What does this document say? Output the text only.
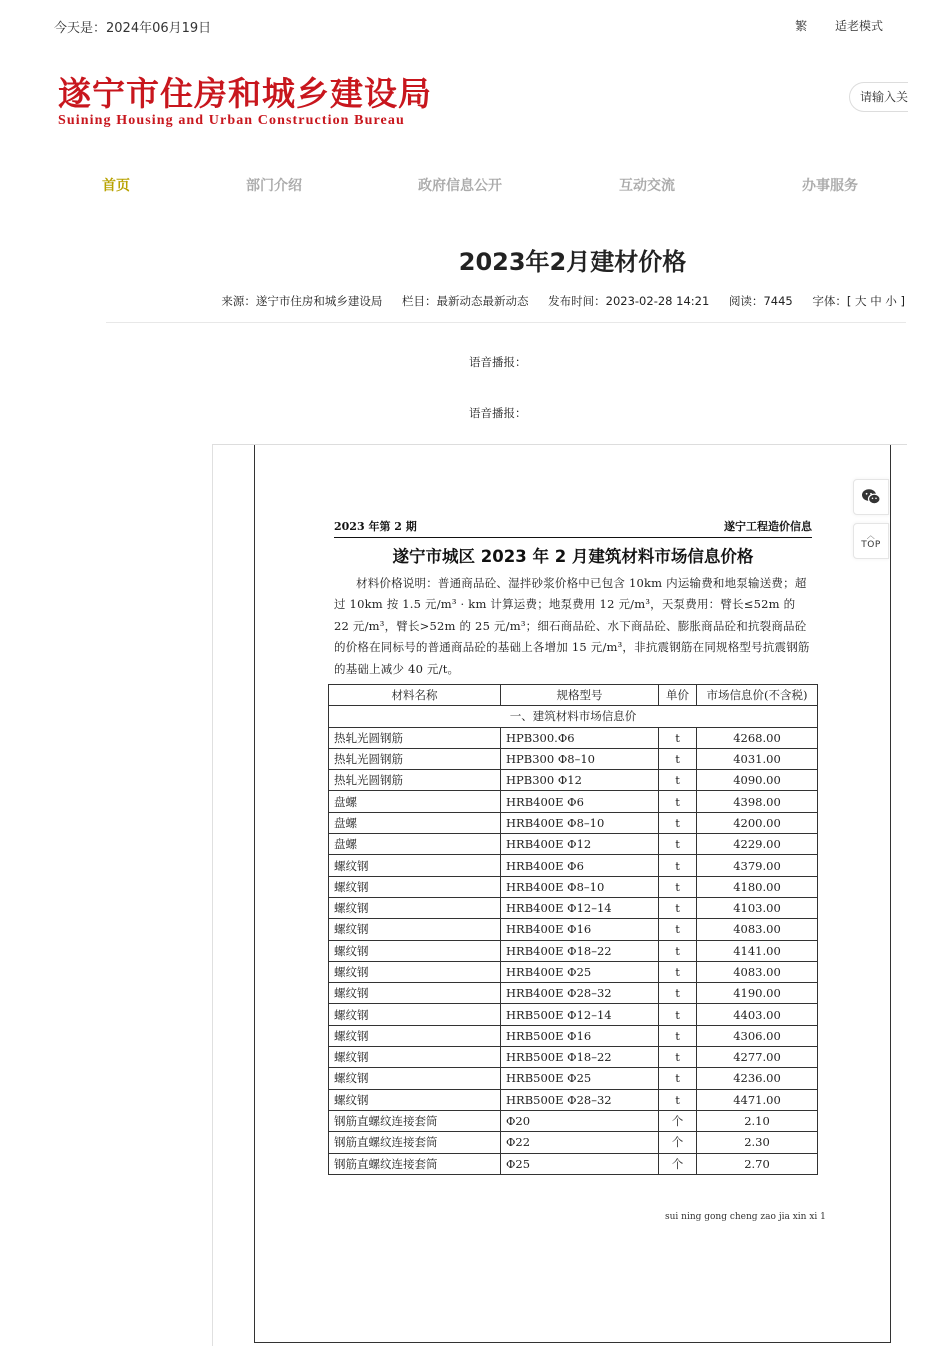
今天是：2024年06月19日	繁 适老模式
遂宁市住房和城乡建设局
Suining Housing and Urban Construction Bureau
请输入关键字
首页	部门介绍	政府信息公开	互动交流	办事服务
2023年2月建材价格
来源：遂宁市住房和城乡建设局 栏目：最新动态最新动态 发布时间：2023-02-28 14:21 阅读：7445 字体：[ 大 中 小 ]
语音播报：
语音播报：
2023 年第 2 期	遂宁工程造价信息
遂宁市城区 2023 年 2 月建筑材料市场信息价格
材料价格说明：普通商品砼、湿拌砂浆价格中已包含 10km 内运输费和地泵输送费；超过 10km 按 1.5 元/m³ · km 计算运费；地泵费用 12 元/m³，天泵费用：臂长≤52m 的 22 元/m³，臂长>52m 的 25 元/m³；细石商品砼、水下商品砼、膨胀商品砼和抗裂商品砼的价格在同标号的普通商品砼的基础上各增加 15 元/m³，非抗震钢筋在同规格型号抗震钢筋的基础上减少 40 元/t。
材料名称	规格型号	单价	市场信息价(不含税)
一、建筑材料市场信息价			
热轧光圆钢筋	HPB300.Φ6	t	4268.00
热轧光圆钢筋	HPB300 Φ8–10	t	4031.00
热轧光圆钢筋	HPB300 Φ12	t	4090.00
盘螺	HRB400E Φ6	t	4398.00
盘螺	HRB400E Φ8–10	t	4200.00
盘螺	HRB400E Φ12	t	4229.00
螺纹钢	HRB400E Φ6	t	4379.00
螺纹钢	HRB400E Φ8–10	t	4180.00
螺纹钢	HRB400E Φ12–14	t	4103.00
螺纹钢	HRB400E Φ16	t	4083.00
螺纹钢	HRB400E Φ18–22	t	4141.00
螺纹钢	HRB400E Φ25	t	4083.00
螺纹钢	HRB400E Φ28–32	t	4190.00
螺纹钢	HRB500E Φ12–14	t	4403.00
螺纹钢	HRB500E Φ16	t	4306.00
螺纹钢	HRB500E Φ18–22	t	4277.00
螺纹钢	HRB500E Φ25	t	4236.00
螺纹钢	HRB500E Φ28–32	t	4471.00
钢筋直螺纹连接套筒	Φ20	个	2.10
钢筋直螺纹连接套筒	Φ22	个	2.30
钢筋直螺纹连接套筒	Φ25	个	2.70
sui ning gong cheng zao jia xin xi 1
︿
TOP
